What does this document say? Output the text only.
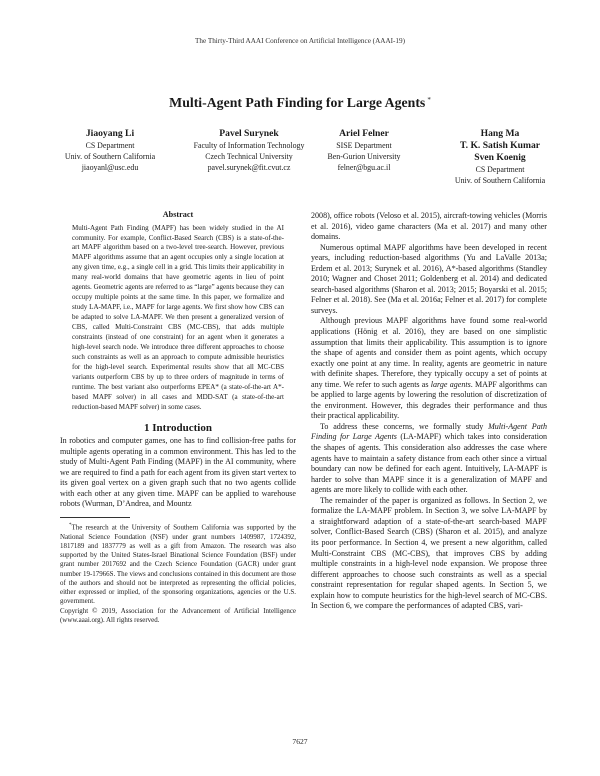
The Thirty-Third AAAI Conference on Artificial Intelligence (AAAI-19)
Multi-Agent Path Finding for Large Agents *
Jiaoyang Li
CS Department
Univ. of Southern California
jiaoyanl@usc.edu
Pavel Surynek
Faculty of Information Technology
Czech Technical University
pavel.surynek@fit.cvut.cz
Ariel Felner
SISE Department
Ben-Gurion University
felner@bgu.ac.il
Hang Ma
T. K. Satish Kumar
Sven Koenig
CS Department
Univ. of Southern California
Abstract

Multi-Agent Path Finding (MAPF) has been widely studied in the AI community. For example, Conflict-Based Search (CBS) is a state-of-the-art MAPF algorithm based on a two-level tree-search. However, previous MAPF algorithms assume that an agent occupies only a single location at any given time, e.g., a single cell in a grid. This limits their applicability in many real-world domains that have geometric agents in lieu of point agents. Geometric agents are referred to as “large” agents because they can occupy multiple points at the same time. In this paper, we formalize and study LA-MAPF, i.e., MAPF for large agents. We first show how CBS can be adapted to solve LA-MAPF. We then present a generalized version of CBS, called Multi-Constraint CBS (MC-CBS), that adds multiple constraints (instead of one constraint) for an agent when it generates a high-level search node. We introduce three different approaches to choose such constraints as well as an approach to compute admissible heuristics for the high-level search. Experimental results show that all MC-CBS variants outperform CBS by up to three orders of magnitude in terms of runtime. The best variant also outperforms EPEA* (a state-of-the-art A*-based MAPF solver) in all cases and MDD-SAT (a state-of-the-art reduction-based MAPF solver) in some cases.

1 Introduction

In robotics and computer games, one has to find collision-free paths for multiple agents operating in a common environment. This has led to the study of Multi-Agent Path Finding (MAPF) in the AI community, where we are required to find a path for each agent from its given start vertex to its given goal vertex on a given graph such that no two agents collide with each other at any given time. MAPF can be applied to warehouse robots (Wurman, D’Andrea, and Mountz

*The research at the University of Southern California was supported by the National Science Foundation (NSF) under grant numbers 1409987, 1724392, 1817189 and 1837779 as well as a gift from Amazon. The research was also supported by the United States-Israel Binational Science Foundation (BSF) under grant number 2017692 and the Czech Science Foundation (GACR) under grant number 19-17966S. The views and conclusions contained in this document are those of the authors and should not be interpreted as representing the official policies, either expressed or implied, of the sponsoring organizations, agencies or the U.S. government.

Copyright © 2019, Association for the Advancement of Artificial Intelligence (www.aaai.org). All rights reserved.

2008), office robots (Veloso et al. 2015), aircraft-towing vehicles (Morris et al. 2016), video game characters (Ma et al. 2017) and many other domains.

Numerous optimal MAPF algorithms have been developed in recent years, including reduction-based algorithms (Yu and LaValle 2013a; Erdem et al. 2013; Surynek et al. 2016), A*-based algorithms (Standley 2010; Wagner and Choset 2011; Goldenberg et al. 2014) and dedicated search-based algorithms (Sharon et al. 2013; 2015; Boyarski et al. 2015; Felner et al. 2018). See (Ma et al. 2016a; Felner et al. 2017) for complete surveys.

Although previous MAPF algorithms have found some real-world applications (Hönig et al. 2016), they are based on one simplistic assumption that limits their applicability. This assumption is to ignore the shape of agents and consider them as point agents, which occupy exactly one point at any time. In reality, agents are geometric in nature with definite shapes. Therefore, they typically occupy a set of points at any time. We refer to such agents as large agents. MAPF algorithms can be applied to large agents by lowering the resolution of discretization of the environment. However, this degrades their performance and thus their practical applicability.

To address these concerns, we formally study Multi-Agent Path Finding for Large Agents (LA-MAPF) which takes into consideration the shapes of agents. This consideration also addresses the case where agents have to maintain a safety distance from each other since a virtual boundary can now be defined for each agent. Intuitively, LA-MAPF is harder to solve than MAPF since it is a generalization of MAPF and agents are more likely to collide with each other.

The remainder of the paper is organized as follows. In Section 2, we formalize the LA-MAPF problem. In Section 3, we solve LA-MAPF by a straightforward adaption of a state-of-the-art search-based MAPF solver, Conflict-Based Search (CBS) (Sharon et al. 2015), and analyze its poor performance. In Section 4, we present a new algorithm, called Multi-Constraint CBS (MC-CBS), that improves CBS by adding multiple constraints in a high-level node expansion. We propose three different approaches to choose such constraints as well as a special constraint representation for regular shaped agents. In Section 5, we explain how to compute heuristics for the high-level search of MC-CBS. In Section 6, we compare the performances of adapted CBS, vari-

7627
